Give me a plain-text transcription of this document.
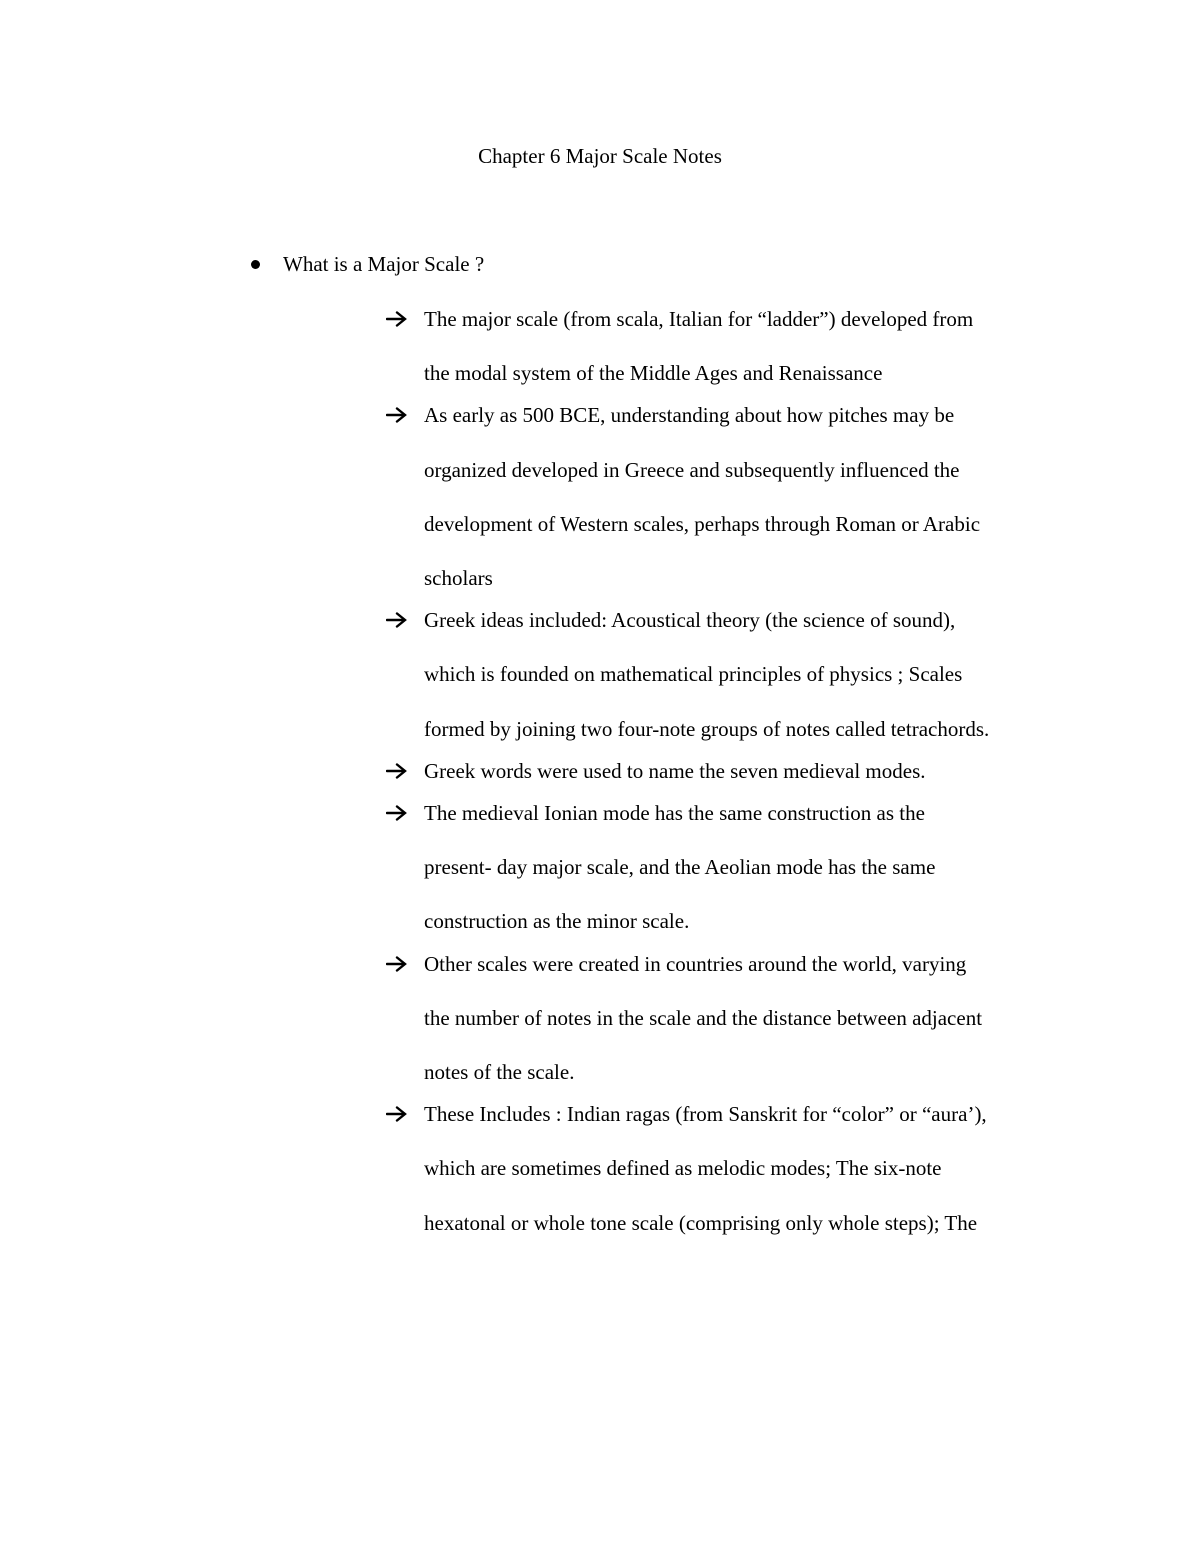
Chapter 6 Major Scale Notes
What is a Major Scale ?
The major scale (from scala, Italian for “ladder”) developed from
the modal system of the Middle Ages and Renaissance
As early as 500 BCE, understanding about how pitches may be
organized developed in Greece and subsequently influenced the
development of Western scales, perhaps through Roman or Arabic
scholars
Greek ideas included: Acoustical theory (the science of sound),
which is founded on mathematical principles of physics ; Scales
formed by joining two four-note groups of notes called tetrachords.
Greek words were used to name the seven medieval modes.
The medieval Ionian mode has the same construction as the
present- day major scale, and the Aeolian mode has the same
construction as the minor scale.
Other scales were created in countries around the world, varying
the number of notes in the scale and the distance between adjacent
notes of the scale.
These Includes : Indian ragas (from Sanskrit for “color” or “aura’),
which are sometimes defined as melodic modes; The six-note
hexatonal or whole tone scale (comprising only whole steps); The
